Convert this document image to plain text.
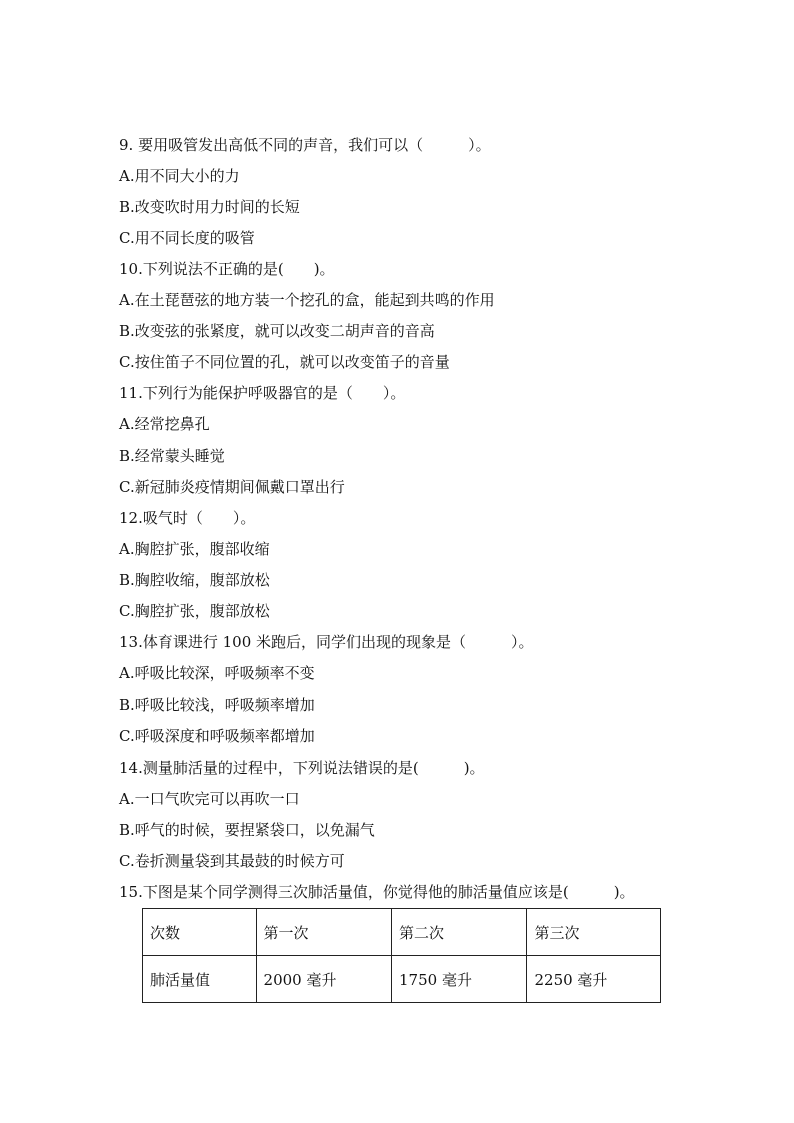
9. 要用吸管发出高低不同的声音，我们可以（　　　）。
A.用不同大小的力
B.改变吹时用力时间的长短
C.用不同长度的吸管
10.下列说法不正确的是(　　)。
A.在土琵琶弦的地方装一个挖孔的盒，能起到共鸣的作用
B.改变弦的张紧度，就可以改变二胡声音的音高
C.按住笛子不同位置的孔，就可以改变笛子的音量
11.下列行为能保护呼吸器官的是（　　）。
A.经常挖鼻孔
B.经常蒙头睡觉
C.新冠肺炎疫情期间佩戴口罩出行
12.吸气时（　　）。
A.胸腔扩张，腹部收缩
B.胸腔收缩，腹部放松
C.胸腔扩张，腹部放松
13.体育课进行 100 米跑后，同学们出现的现象是（　　　）。
A.呼吸比较深，呼吸频率不变
B.呼吸比较浅，呼吸频率增加
C.呼吸深度和呼吸频率都增加
14.测量肺活量的过程中，下列说法错误的是(　　　)。
A.一口气吹完可以再吹一口
B.呼气的时候，要捏紧袋口，以免漏气
C.卷折测量袋到其最鼓的时候方可
15.下图是某个同学测得三次肺活量值，你觉得他的肺活量值应该是(　　　)。
次数	第一次	第二次	第三次
肺活量值	2000 毫升	1750 毫升	2250 毫升
